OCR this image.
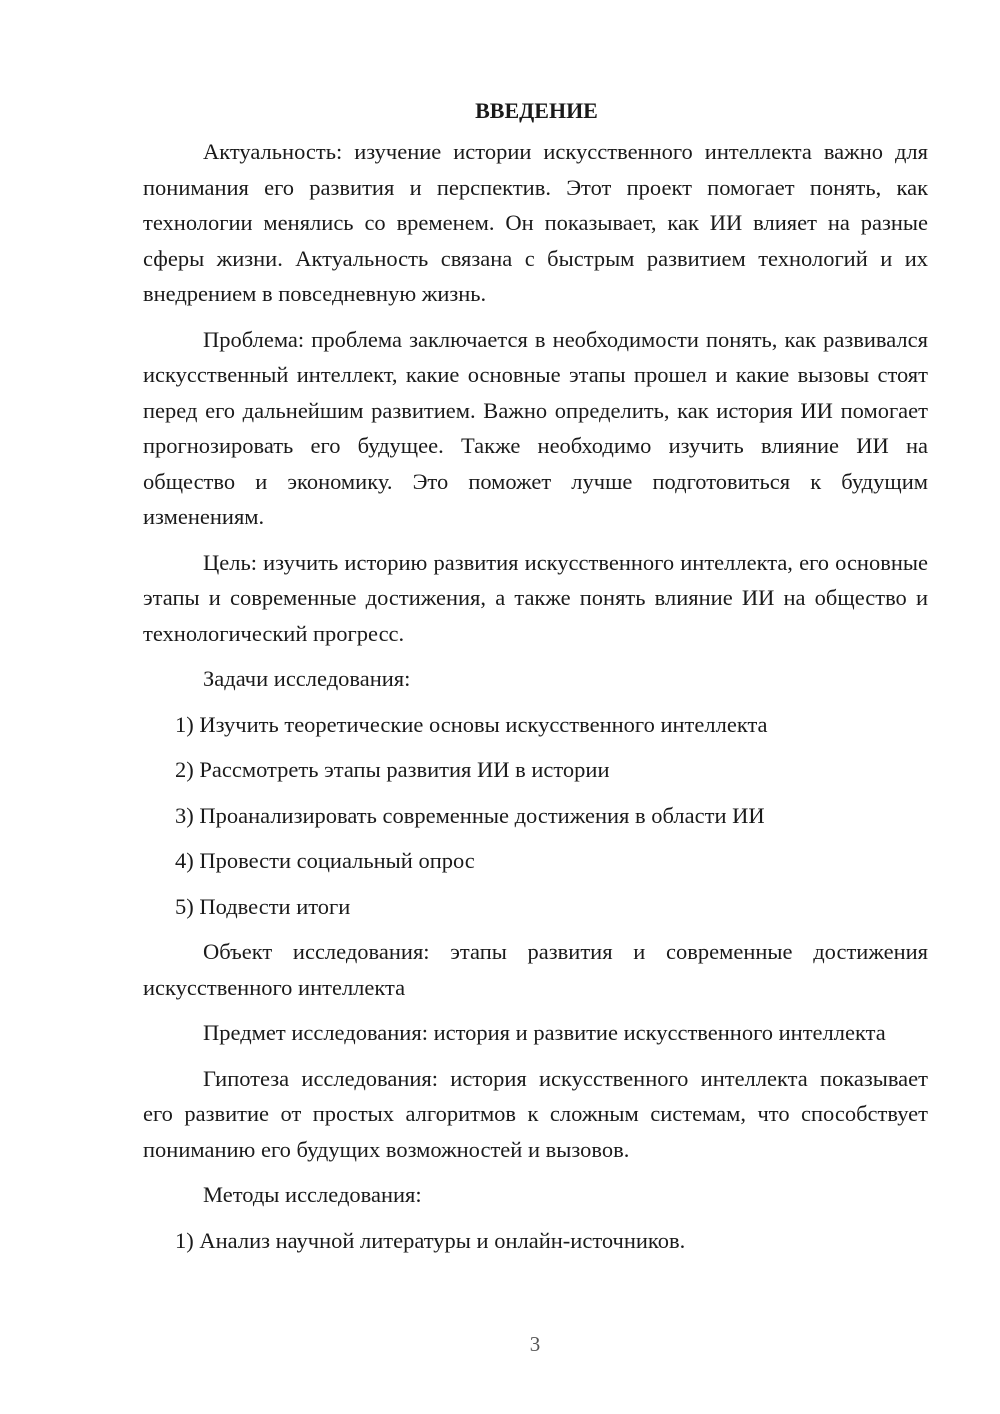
ВВЕДЕНИЕ

Актуальность: изучение истории искусственного интеллекта важно для понимания его развития и перспектив. Этот проект помогает понять, как технологии менялись со временем. Он показывает, как ИИ влияет на разные сферы жизни. Актуальность связана с быстрым развитием технологий и их внедрением в повседневную жизнь.

Проблема: проблема заключается в необходимости понять, как развивался искусственный интеллект, какие основные этапы прошел и какие вызовы стоят перед его дальнейшим развитием. Важно определить, как история ИИ помогает прогнозировать его будущее. Также необходимо изучить влияние ИИ на общество и экономику. Это поможет лучше подготовиться к будущим изменениям.

Цель: изучить историю развития искусственного интеллекта, его основные этапы и современные достижения, а также понять влияние ИИ на общество и технологический прогресс.

Задачи исследования:

1) Изучить теоретические основы искусственного интеллекта
2) Рассмотреть этапы развития ИИ в истории
3) Проанализировать современные достижения в области ИИ
4) Провести социальный опрос
5) Подвести итоги

Объект исследования: этапы развития и современные достижения искусственного интеллекта

Предмет исследования: история и развитие искусственного интеллекта

Гипотеза исследования: история искусственного интеллекта показывает его развитие от простых алгоритмов к сложным системам, что способствует пониманию его будущих возможностей и вызовов.

Методы исследования:

1) Анализ научной литературы и онлайн-источников.
3
